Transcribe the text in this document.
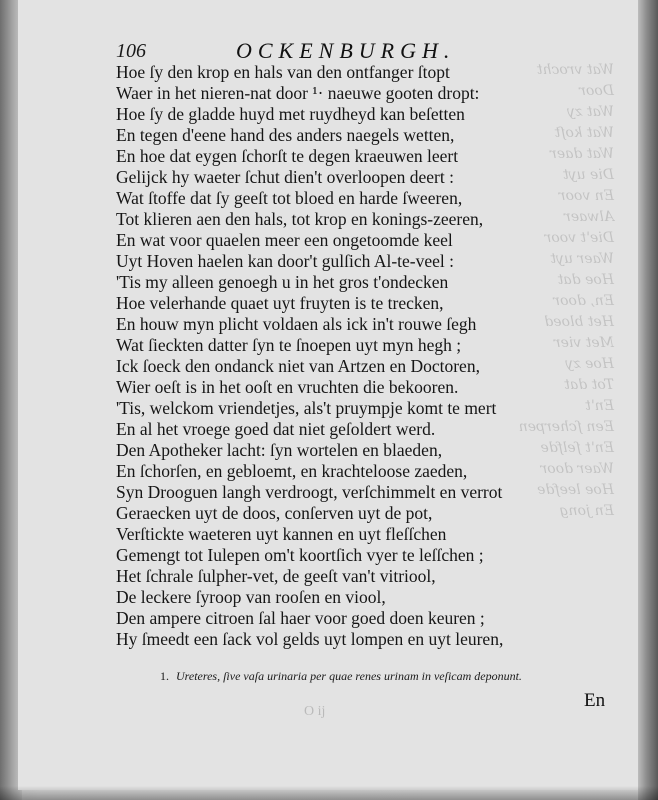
Wat vrocht
Door
Wat zy
Wat koſt
Wat daer
Die uyt
En voor
Alwaer
Die't voor
Waer uyt
Hoe dat
En, door
Het bloed
Met vier
Hoe zy
Tot dat
En't
Een ſcherpen
En't ſelfde
Waer door
Hoe leefde
En jong
106	OCKENBURGH.
Hoe ſy den krop en hals van den ontfanger ſtopt
Waer in het nieren-nat door ¹· naeuwe gooten dropt:
Hoe ſy de gladde huyd met ruydheyd kan beſetten
En tegen d'eene hand des anders naegels wetten,
En hoe dat eygen ſchorſt te degen kraeuwen leert
Gelijck hy waeter ſchut dien't overloopen deert :
Wat ſtoffe dat ſy geeſt tot bloed en harde ſweeren,
Tot klieren aen den hals, tot krop en konings-zeeren,
En wat voor quaelen meer een ongetoomde keel
Uyt Hoven haelen kan door't gulſich Al-te-veel :
'Tis my alleen genoegh u in het gros t'ondecken
Hoe velerhande quaet uyt fruyten is te trecken,
En houw myn plicht voldaen als ick in't rouwe ſegh
Wat ſieckten datter ſyn te ſnoepen uyt myn hegh ;
Ick ſoeck den ondanck niet van Artzen en Doctoren,
Wier oeſt is in het ooſt en vruchten die bekooren.
'Tis, welckom vriendetjes, als't pruympje komt te mert
En al het vroege goed dat niet geſoldert werd.
Den Apotheker lacht: ſyn wortelen en blaeden,
En ſchorſen, en gebloemt, en krachteloose zaeden,
Syn Drooguen langh verdroogt, verſchimmelt en verrot
Geraecken uyt de doos, conſerven uyt de pot,
Verſtickte waeteren uyt kannen en uyt fleſſchen
Gemengt tot Iulepen om't koortſich vyer te leſſchen ;
Het ſchrale ſulpher-vet, de geeſt van't vitriool,
De leckere ſyroop van rooſen en viool,
Den ampere citroen ſal haer voor goed doen keuren ;
Hy ſmeedt een ſack vol gelds uyt lompen en uyt leuren,
1. Ureteres, ſive vaſa urinaria per quae renes urinam in veſicam deponunt.
O ij
En
